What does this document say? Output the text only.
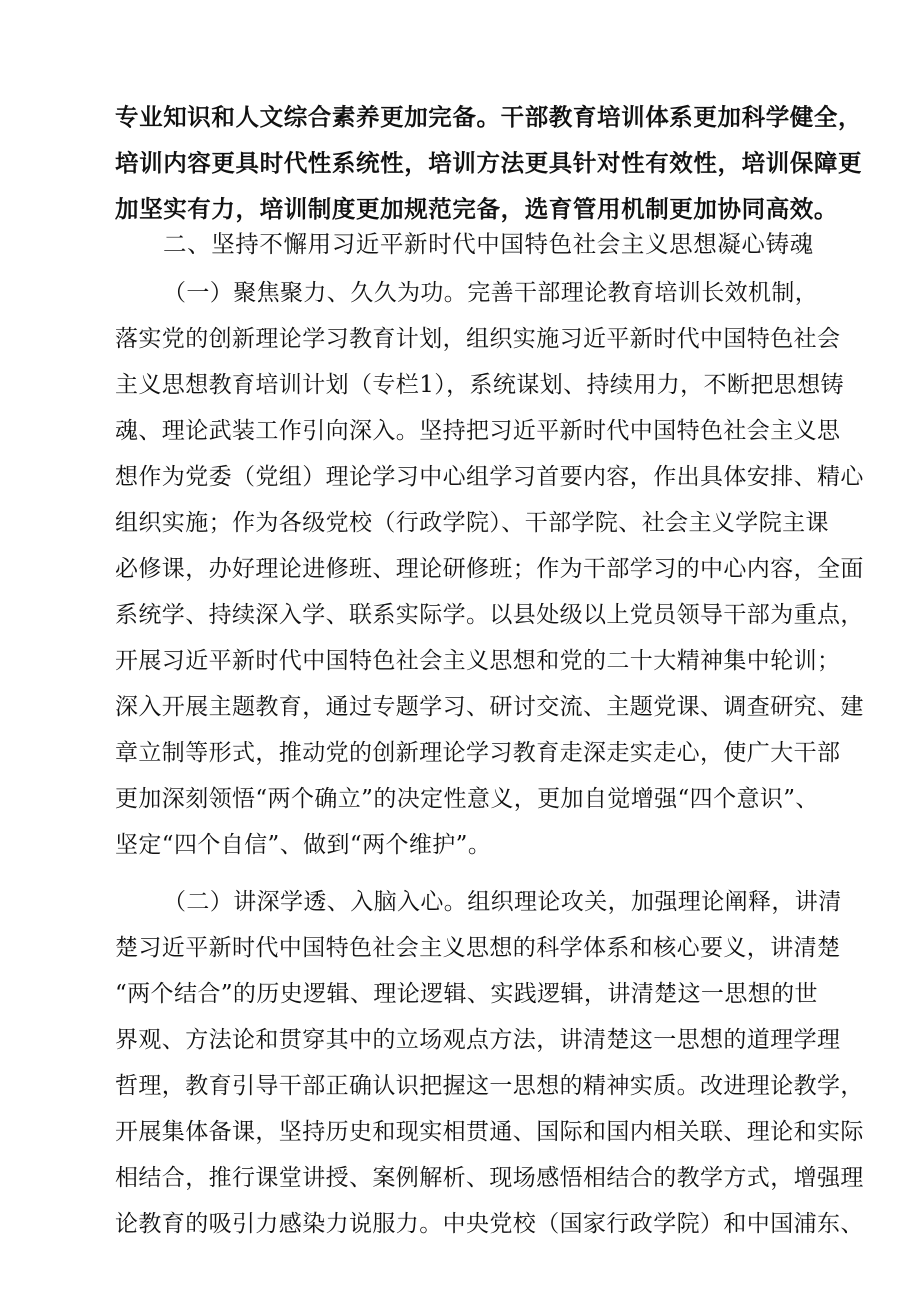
专业知识和人文综合素养更加完备。干部教育培训体系更加科学健全，
培训内容更具时代性系统性，培训方法更具针对性有效性，培训保障更
加坚实有力，培训制度更加规范完备，选育管用机制更加协同高效。
二、坚持不懈用习近平新时代中国特色社会主义思想凝心铸魂
（一）聚焦聚力、久久为功。完善干部理论教育培训长效机制，
落实党的创新理论学习教育计划，组织实施习近平新时代中国特色社会
主义思想教育培训计划（专栏1），系统谋划、持续用力，不断把思想铸
魂、理论武装工作引向深入。坚持把习近平新时代中国特色社会主义思
想作为党委（党组）理论学习中心组学习首要内容，作出具体安排、精心
组织实施；作为各级党校（行政学院）、干部学院、社会主义学院主课
必修课，办好理论进修班、理论研修班；作为干部学习的中心内容，全面
系统学、持续深入学、联系实际学。以县处级以上党员领导干部为重点，
开展习近平新时代中国特色社会主义思想和党的二十大精神集中轮训；
深入开展主题教育，通过专题学习、研讨交流、主题党课、调查研究、建
章立制等形式，推动党的创新理论学习教育走深走实走心，使广大干部
更加深刻领悟“两个确立”的决定性意义，更加自觉增强“四个意识”、
坚定“四个自信”、做到“两个维护”。
（二）讲深学透、入脑入心。组织理论攻关，加强理论阐释，讲清
楚习近平新时代中国特色社会主义思想的科学体系和核心要义，讲清楚
“两个结合”的历史逻辑、理论逻辑、实践逻辑，讲清楚这一思想的世
界观、方法论和贯穿其中的立场观点方法，讲清楚这一思想的道理学理
哲理，教育引导干部正确认识把握这一思想的精神实质。改进理论教学，
开展集体备课，坚持历史和现实相贯通、国际和国内相关联、理论和实际
相结合，推行课堂讲授、案例解析、现场感悟相结合的教学方式，增强理
论教育的吸引力感染力说服力。中央党校（国家行政学院）和中国浦东、
